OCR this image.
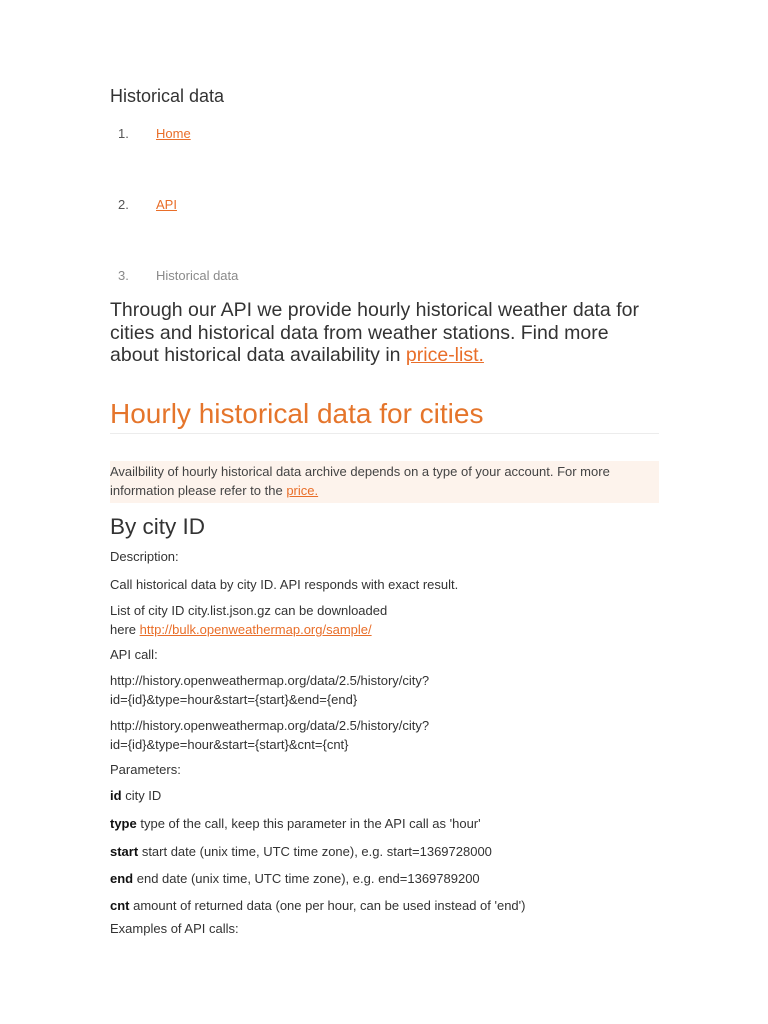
Historical data
1. Home
2. API
3. Historical data

Through our API we provide hourly historical weather data for cities and historical data from weather stations. Find more about historical data availability in price-list.

Hourly historical data for cities
Availbility of hourly historical data archive depends on a type of your account. For more information please refer to the price.
By city ID
Description:
Call historical data by city ID. API responds with exact result.
List of city ID city.list.json.gz can be downloaded
here http://bulk.openweathermap.org/sample/
API call:
http://history.openweathermap.org/data/2.5/history/city?
id={id}&type=hour&start={start}&end={end}
http://history.openweathermap.org/data/2.5/history/city?
id={id}&type=hour&start={start}&cnt={cnt}
Parameters:
id city ID
type type of the call, keep this parameter in the API call as 'hour'
start start date (unix time, UTC time zone), e.g. start=1369728000
end end date (unix time, UTC time zone), e.g. end=1369789200
cnt amount of returned data (one per hour, can be used instead of 'end')
Examples of API calls:
